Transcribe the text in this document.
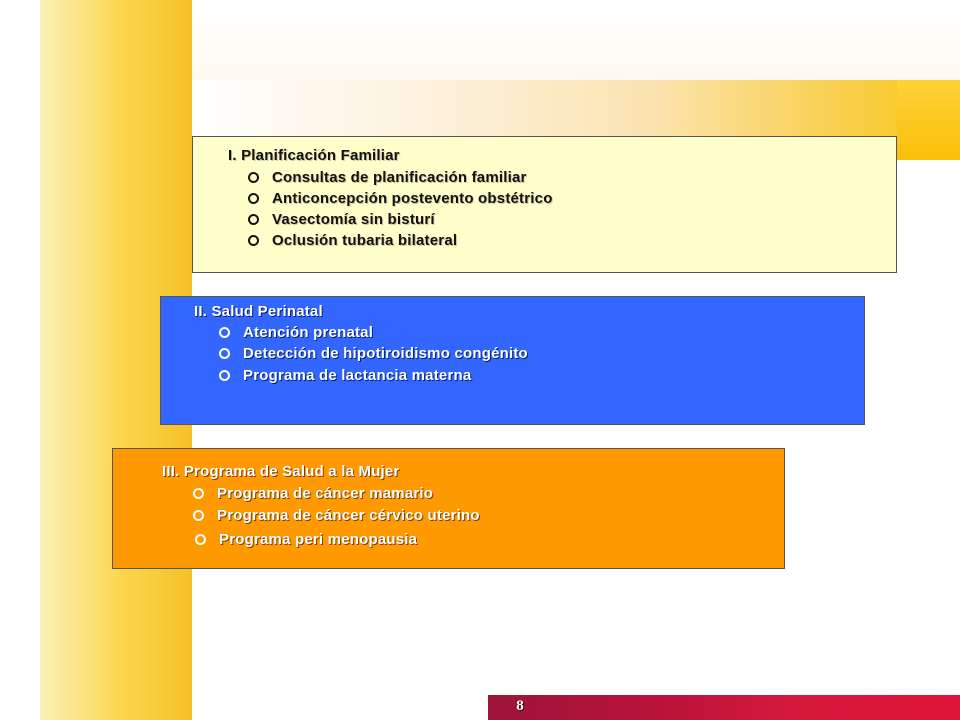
8
I. Planificación Familiar
Consultas de planificación familiar
Anticoncepción postevento obstétrico
Vasectomía sin bisturí
Oclusión tubaria bilateral
II. Salud Perinatal
Atención prenatal
Detección de hipotiroidismo congénito
Programa de lactancia materna
III. Programa de Salud a la Mujer
Programa de cáncer mamario
Programa de cáncer cérvico uterino
Programa peri menopausia
